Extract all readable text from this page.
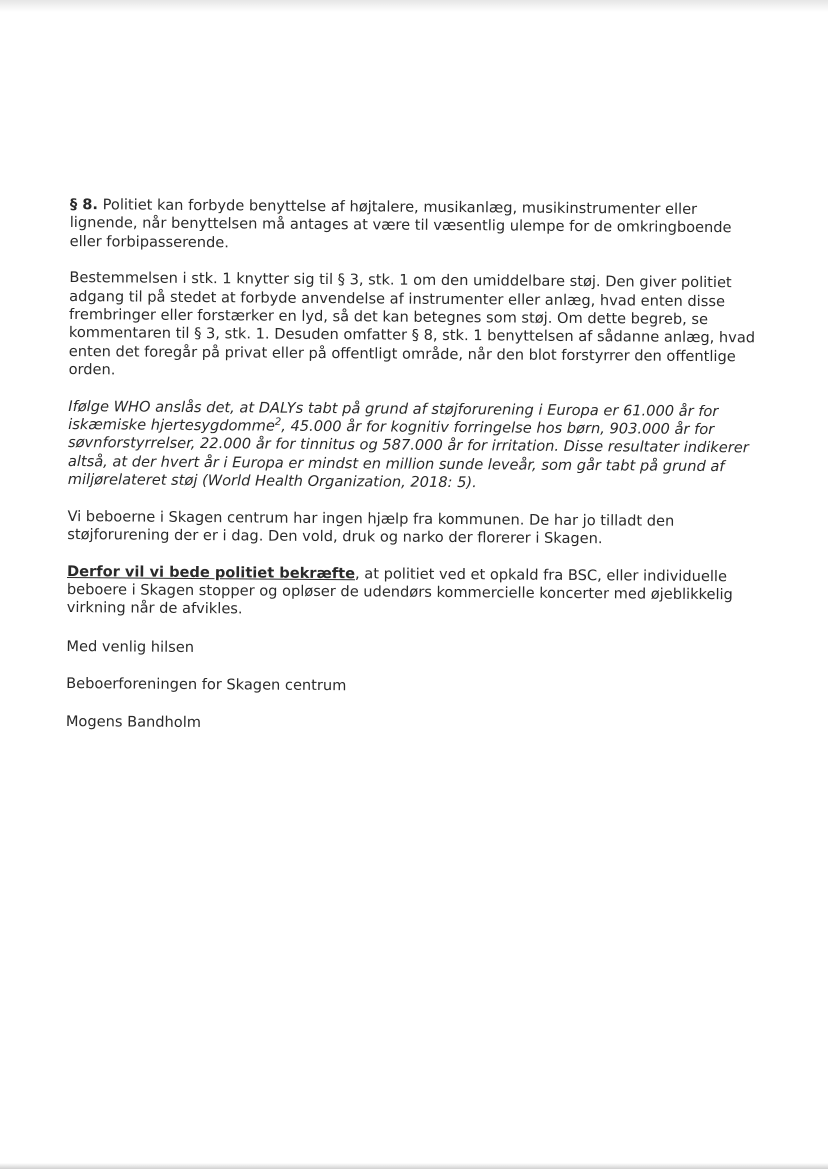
§ 8. Politiet kan forbyde benyttelse af højtalere, musikanlæg, musikinstrumenter eller lignende, når benyttelsen må antages at være til væsentlig ulempe for de omkringboende eller forbipasserende.

Bestemmelsen i stk. 1 knytter sig til § 3, stk. 1 om den umiddelbare støj. Den giver politiet adgang til på stedet at forbyde anvendelse af instrumenter eller anlæg, hvad enten disse frembringer eller forstærker en lyd, så det kan betegnes som støj. Om dette begreb, se kommentaren til § 3, stk. 1. Desuden omfatter § 8, stk. 1 benyttelsen af sådanne anlæg, hvad enten det foregår på privat eller på offentligt område, når den blot forstyrrer den offentlige orden.

Ifølge WHO anslås det, at DALYs tabt på grund af støjforurening i Europa er 61.000 år for iskæmiske hjertesygdomme$^2$, 45.000 år for kognitiv forringelse hos børn, 903.000 år for søvnforstyrrelser, 22.000 år for tinnitus og 587.000 år for irritation. Disse resultater indikerer altså, at der hvert år i Europa er mindst en million sunde leveår, som går tabt på grund af miljørelateret støj (World Health Organization, 2018: 5).

Vi beboerne i Skagen centrum har ingen hjælp fra kommunen. De har jo tilladt den støjforurening der er i dag. Den vold, druk og narko der florerer i Skagen.

Derfor vil vi bede politiet bekræfte, at politiet ved et opkald fra BSC, eller individuelle beboere i Skagen stopper og opløser de udendørs kommercielle koncerter med øjeblikkelig virkning når de afvikles.

Med venlig hilsen

Beboerforeningen for Skagen centrum

Mogens Bandholm
